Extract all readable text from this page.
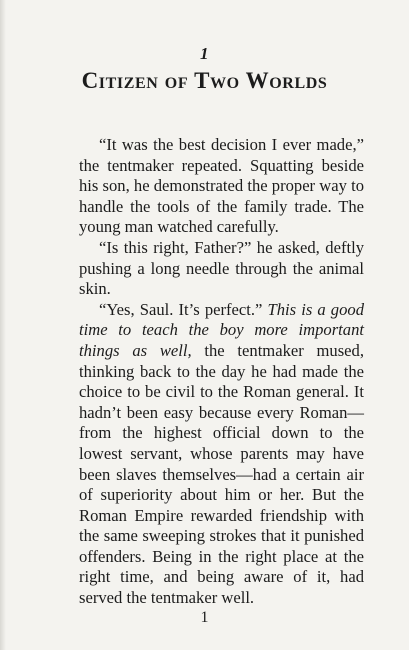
1
Citizen of Two Worlds

“It was the best decision I ever made,” the tentmaker repeated. Squatting beside his son, he demonstrated the proper way to handle the tools of the family trade. The young man watched carefully.

“Is this right, Father?” he asked, deftly pushing a long needle through the animal skin.

“Yes, Saul. It’s perfect.” This is a good time to teach the boy more important things as well, the tentmaker mused, thinking back to the day he had made the choice to be civil to the Roman general. It hadn’t been easy because every Roman—from the highest official down to the lowest servant, whose parents may have been slaves themselves—had a certain air of superiority about him or her. But the Roman Empire rewarded friendship with the same sweeping strokes that it punished offenders. Being in the right place at the right time, and being aware of it, had served the tentmaker well.

1
